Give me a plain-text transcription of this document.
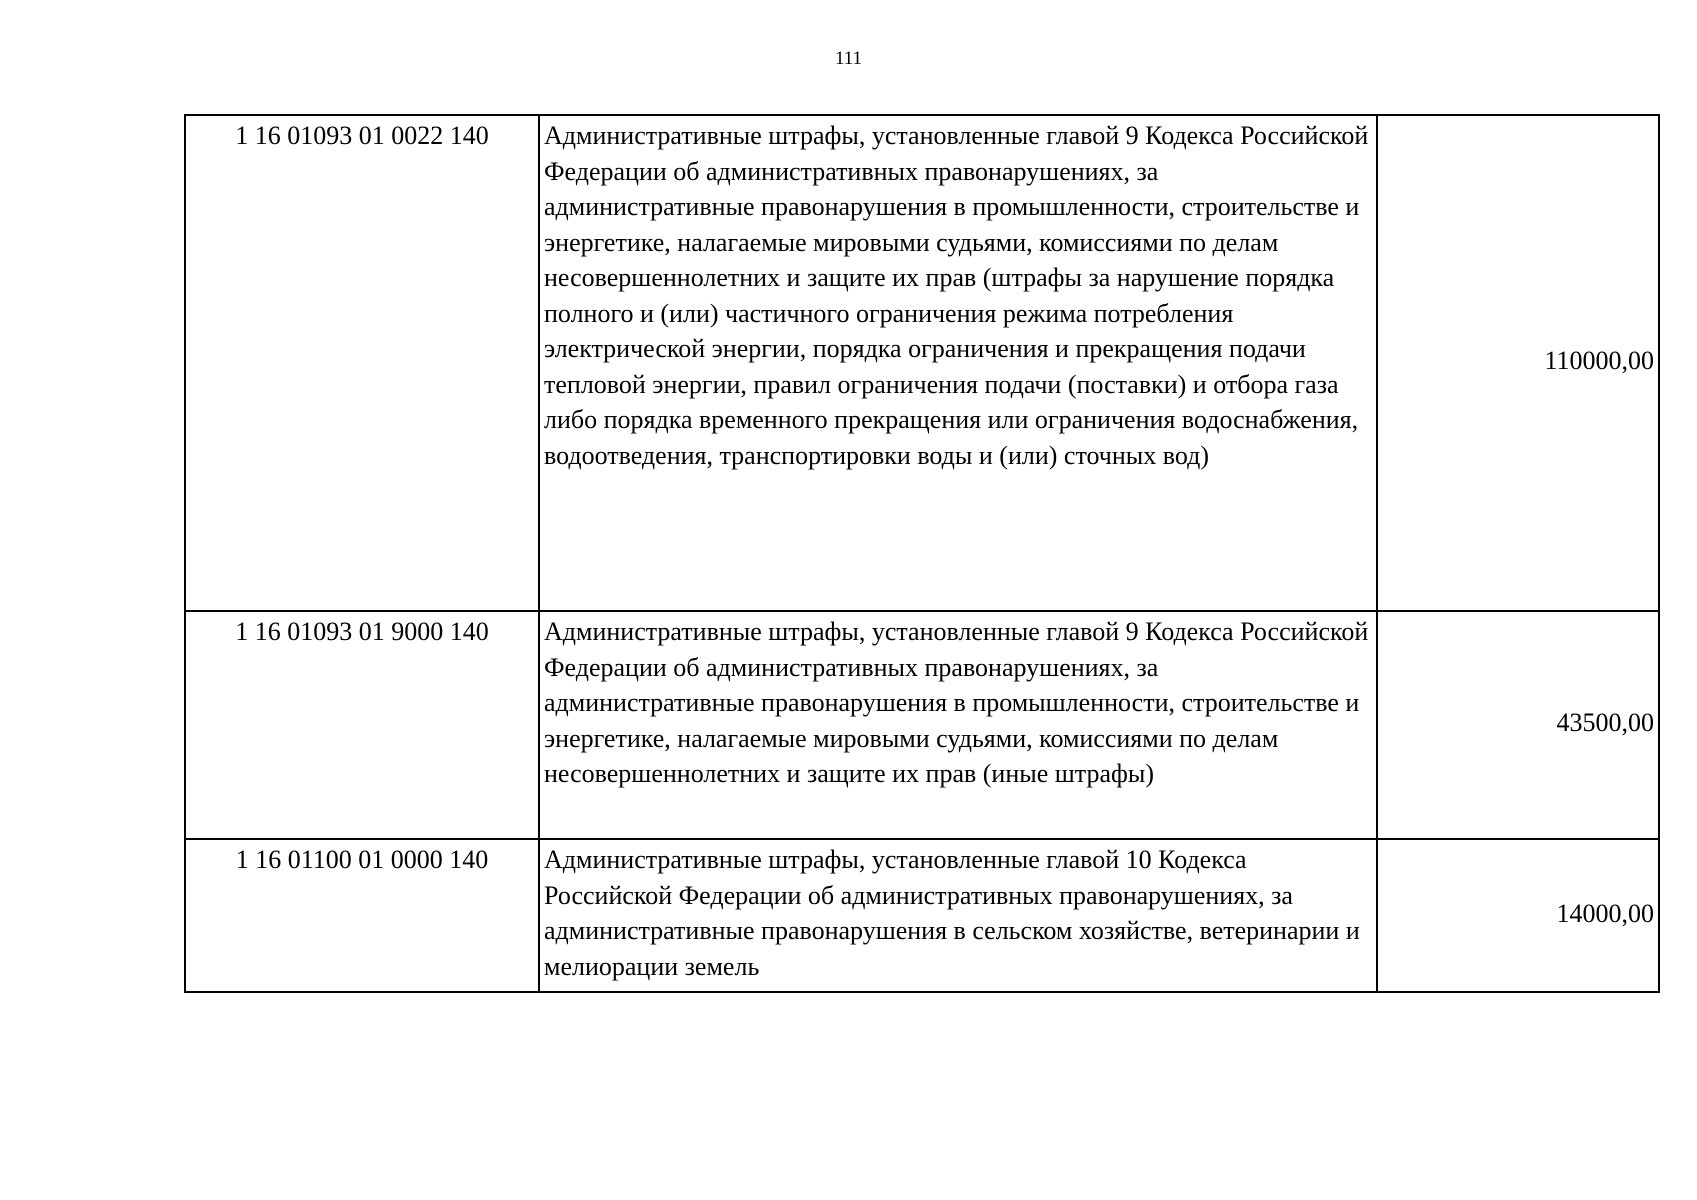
111
1 16 01093 01 0022 140	Административные штрафы, установленные главой 9 Кодекса Российской Федерации об административных правонарушениях, за административные правонарушения в промышленности, строительстве и энергетике, налагаемые мировыми судьями, комиссиями по делам несовершеннолетних и защите их прав (штрафы за нарушение порядка полного и (или) частичного ограничения режима потребления электрической энергии, порядка ограничения и прекращения подачи тепловой энергии, правил ограничения подачи (поставки) и отбора газа либо порядка временного прекращения или ограничения водоснабжения, водоотведения, транспортировки воды и (или) сточных вод)	110000,00
1 16 01093 01 9000 140	Административные штрафы, установленные главой 9 Кодекса Российской Федерации об административных правонарушениях, за административные правонарушения в промышленности, строительстве и энергетике, налагаемые мировыми судьями, комиссиями по делам несовершеннолетних и защите их прав (иные штрафы)	43500,00
1 16 01100 01 0000 140	Административные штрафы, установленные главой 10 Кодекса Российской Федерации об административных правонарушениях, за административные правонарушения в сельском хозяйстве, ветеринарии и мелиорации земель	14000,00
